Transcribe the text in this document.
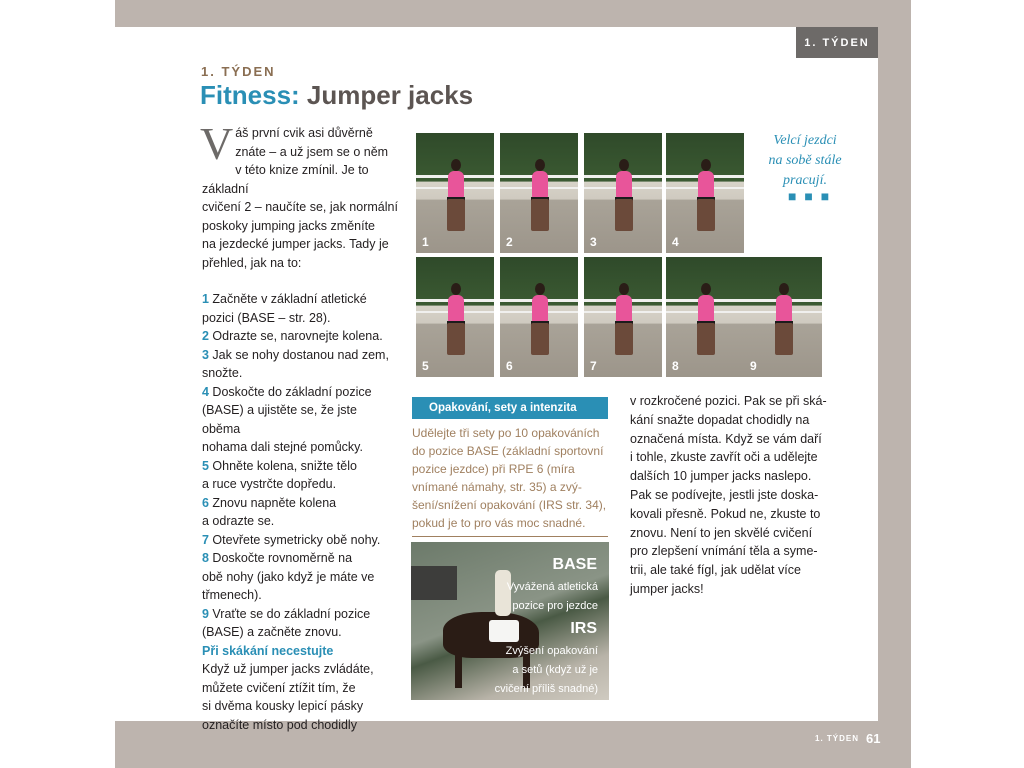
1. TÝDEN
1. TÝDEN
Fitness: Jumper jacks
V áš první cvik asi důvěrně
znáte – a už jsem se o něm
v této knize zmínil. Je to základní
cvičení 2 – naučíte se, jak normální
poskoky jumping jacks změníte
na jezdecké jumper jacks. Tady je
přehled, jak na to:

1 Začněte v základní atletické
pozici (BASE – str. 28).

2 Odrazte se, narovnejte kolena.

3 Jak se nohy dostanou nad zem,
snožte.

4 Doskočte do základní pozice
(BASE) a ujistěte se, že jste oběma
nohama dali stejné pomůcky.

5 Ohněte kolena, snižte tělo
a ruce vystrčte dopředu.

6 Znovu napněte kolena
a odrazte se.

7 Otevřete symetricky obě nohy.

8 Doskočte rovnoměrně na
obě nohy (jako když je máte ve
třmenech).

9 Vraťte se do základní pozice
(BASE) a začněte znovu.

Při skákání necestujte

Když už jumper jacks zvládáte,
můžete cvičení ztížit tím, že
si dvěma kousky lepicí pásky
označíte místo pod chodidly

1	2	3	4
5	6	7	8	9
Velcí jezdci
na sobě stále
pracují.
■ ■ ■
Opakování, sety a intenzita
Udělejte tři sety po 10 opakováních
do pozice BASE (základní sportovní
pozice jezdce) při RPE 6 (míra
vnímané námahy, str. 35) a zvý-
šení/snížení opakování (IRS str. 34),
pokud je to pro vás moc snadné.
BASE
Vyvážená atletická
pozice pro jezdce
IRS
Zvýšení opakování
a setů (když už je
cvičení příliš snadné)
v rozkročené pozici. Pak se při ská-
kání snažte dopadat chodidly na
označená místa. Když se vám daří
i tohle, zkuste zavřít oči a udělejte
dalších 10 jumper jacks naslepo.
Pak se podívejte, jestli jste doska-
kovali přesně. Pokud ne, zkuste to
znovu. Není to jen skvělé cvičení
pro zlepšení vnímání těla a syme-
trii, ale také fígl, jak udělat více
jumper jacks!
1. TÝDEN 61
